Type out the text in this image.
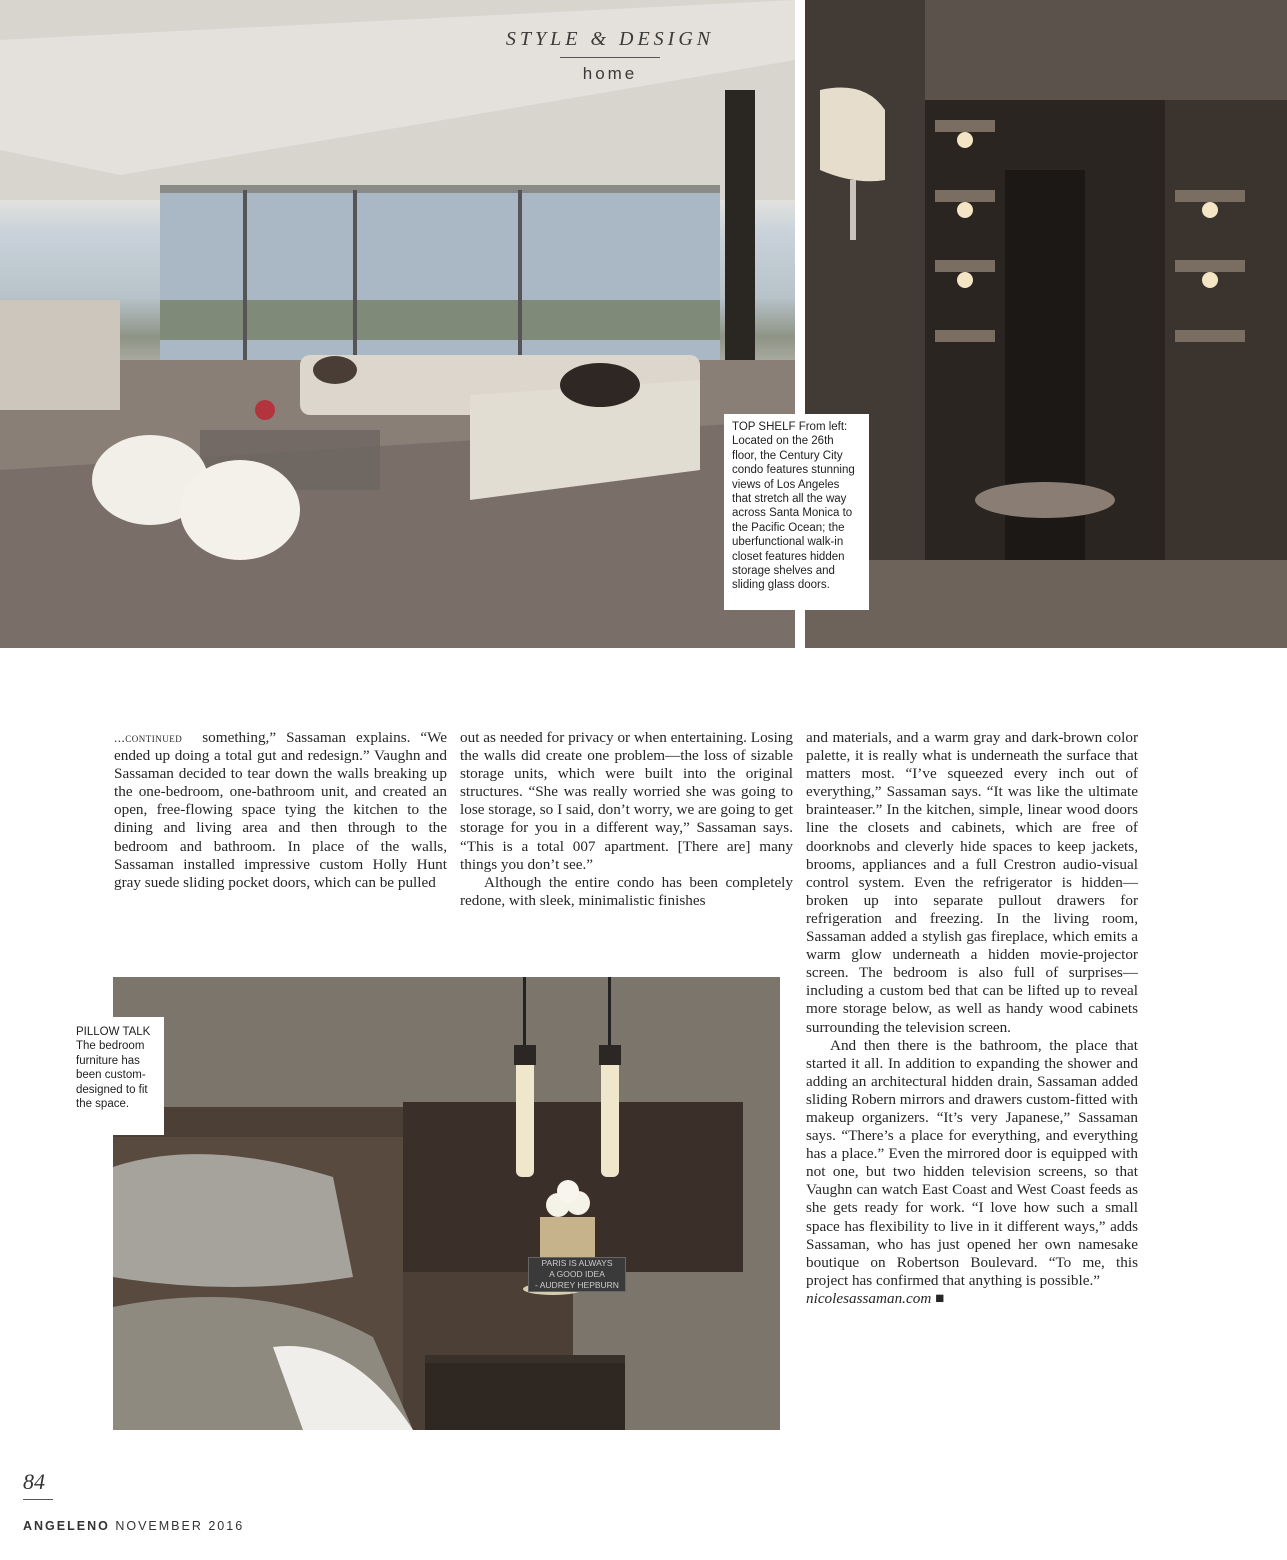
STYLE & DESIGN
home
TOP SHELF From left: Located on the 26th floor, the Century City condo features stunning views of Los Angeles that stretch all the way across Santa Monica to the Pacific Ocean; the uberfunctional walk-in closet features hidden storage shelves and sliding glass doors.

...continued something,” Sassaman explains. “We ended up doing a total gut and redesign.” Vaughn and Sassaman decided to tear down the walls breaking up the one-bedroom, one-bathroom unit, and created an open, free-flowing space tying the kitchen to the dining and living area and then through to the bedroom and bathroom. In place of the walls, Sassaman installed impressive custom Holly Hunt gray suede sliding pocket doors, which can be pulled

out as needed for privacy or when entertaining. Losing the walls did create one problem—the loss of sizable storage units, which were built into the original structures. “She was really worried she was going to lose storage, so I said, don’t worry, we are going to get storage for you in a different way,” Sassaman says. “This is a total 007 apartment. [There are] many things you don’t see.”

Although the entire condo has been completely redone, with sleek, minimalistic finishes

and materials, and a warm gray and dark-brown color palette, it is really what is underneath the surface that matters most. “I’ve squeezed every inch out of everything,” Sassaman says. “It was like the ultimate brainteaser.” In the kitchen, simple, linear wood doors line the closets and cabinets, which are free of doorknobs and cleverly hide spaces to keep jackets, brooms, appliances and a full Crestron audio-visual control system. Even the refrigerator is hidden—broken up into separate pullout drawers for refrigeration and freezing. In the living room, Sassaman added a stylish gas fireplace, which emits a warm glow underneath a hidden movie-projector screen. The bedroom is also full of surprises—including a custom bed that can be lifted up to reveal more storage below, as well as handy wood cabinets surrounding the television screen.

And then there is the bathroom, the place that started it all. In addition to expanding the shower and adding an architectural hidden drain, Sassaman added sliding Robern mirrors and drawers custom-fitted with makeup organizers. “It’s very Japanese,” Sassaman says. “There’s a place for everything, and everything has a place.” Even the mirrored door is equipped with not one, but two hidden television screens, so that Vaughn can watch East Coast and West Coast feeds as she gets ready for work. “I love how such a small space has flexibility to live in it different ways,” adds Sassaman, who has just opened her own namesake boutique on Robertson Boulevard. “To me, this project has confirmed that anything is possible.”

nicolesassaman.com ■

PARIS IS ALWAYS
A GOOD IDEA
- AUDREY HEPBURN
PILLOW TALK The bedroom furniture has been custom-designed to fit the space.
84
ANGELENO NOVEMBER 2016
